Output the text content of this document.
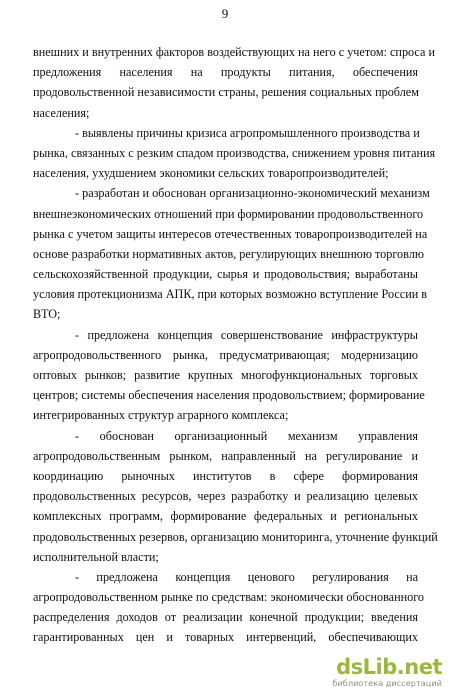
9
внешних и внутренних факторов воздействующих на него с учетом: спроса и
предложения населения на продукты питания, обеспечения
продовольственной независимости страны, решения социальных проблем
населения;
- выявлены причины кризиса агропромышленного производства и
рынка, связанных с резким спадом производства, снижением уровня питания
населения, ухудшением экономики сельских товаропроизводителей;
- разработан и обоснован организационно-экономический механизм
внешнеэкономических отношений при формировании продовольственного
рынка с учетом защиты интересов отечественных товаропроизводителей на
основе разработки нормативных актов, регулирующих внешнюю торговлю
сельскохозяйственной продукции, сырья и продовольствия; выработаны
условия протекционизма АПК, при которых возможно вступление России в
ВТО;
- предложена концепция совершенствование инфраструктуры
агропродовольственного рынка, предусматривающая; модернизацию
оптовых рынков; развитие крупных многофункциональных торговых
центров; системы обеспечения населения продовольствием; формирование
интегрированных структур аграрного комплекса;
- обоснован организационный механизм управления
агропродовольственным рынком, направленный на регулирование и
координацию рыночных институтов в сфере формирования
продовольственных ресурсов, через разработку и реализацию целевых
комплексных программ, формирование федеральных и региональных
продовольственных резервов, организацию мониторинга, уточнение функций
исполнительной власти;
- предложена концепция ценового регулирования на
агропродовольственном рынке по средствам: экономически обоснованного
распределения доходов от реализации конечной продукции; введения
гарантированных цен и товарных интервенций, обеспечивающих
dsLib.net
библиотека диссертаций
